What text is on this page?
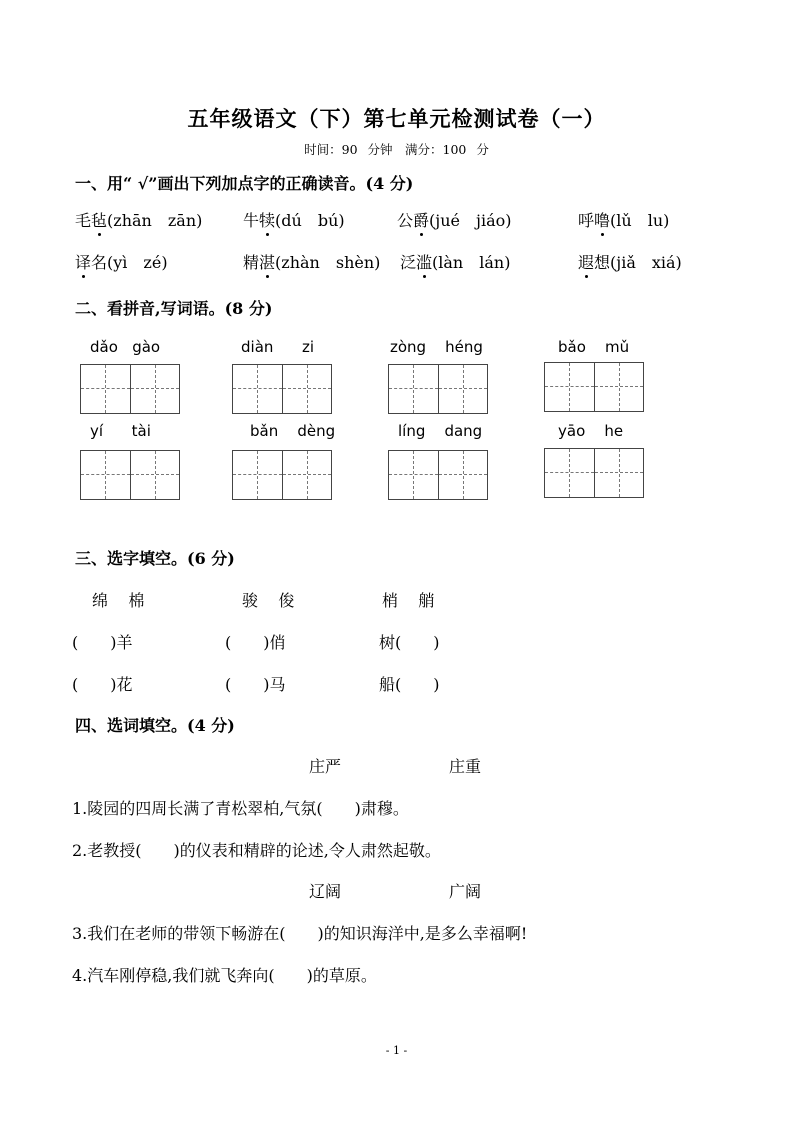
五年级语文（下）第七单元检测试卷（一）
时间：90 分钟　满分：100 分
一、用“ √”画出下列加点字的正确读音。(4 分)
毛毡(zhān　zān)	牛犊(dú　bú)	公爵(jué　jiáo)	呼噜(lǔ　lu)
译名(yì　zé)	精湛(zhàn　shèn) 泛滥(làn　lán)	遐想(jiǎ　xiá)
二、看拼音,写词语。(8 分)
dǎo gào	diàn zi	zòng héng	bǎo mǔ
yí tài	bǎn dèng	líng dang	yāo he
三、选字填空。(6 分)
绵 棉	骏 俊	梢 艄
(　　)羊	(　　)俏	树(　　)
(　　)花	(　　)马	船(　　)
四、选词填空。(4 分)
庄严	庄重
1.陵园的四周长满了青松翠柏,气氛(　　)肃穆。
2.老教授(　　)的仪表和精辟的论述,令人肃然起敬。
辽阔	广阔
3.我们在老师的带领下畅游在(　　)的知识海洋中,是多么幸福啊!
4.汽车刚停稳,我们就飞奔向(　　)的草原。
- 1 -
